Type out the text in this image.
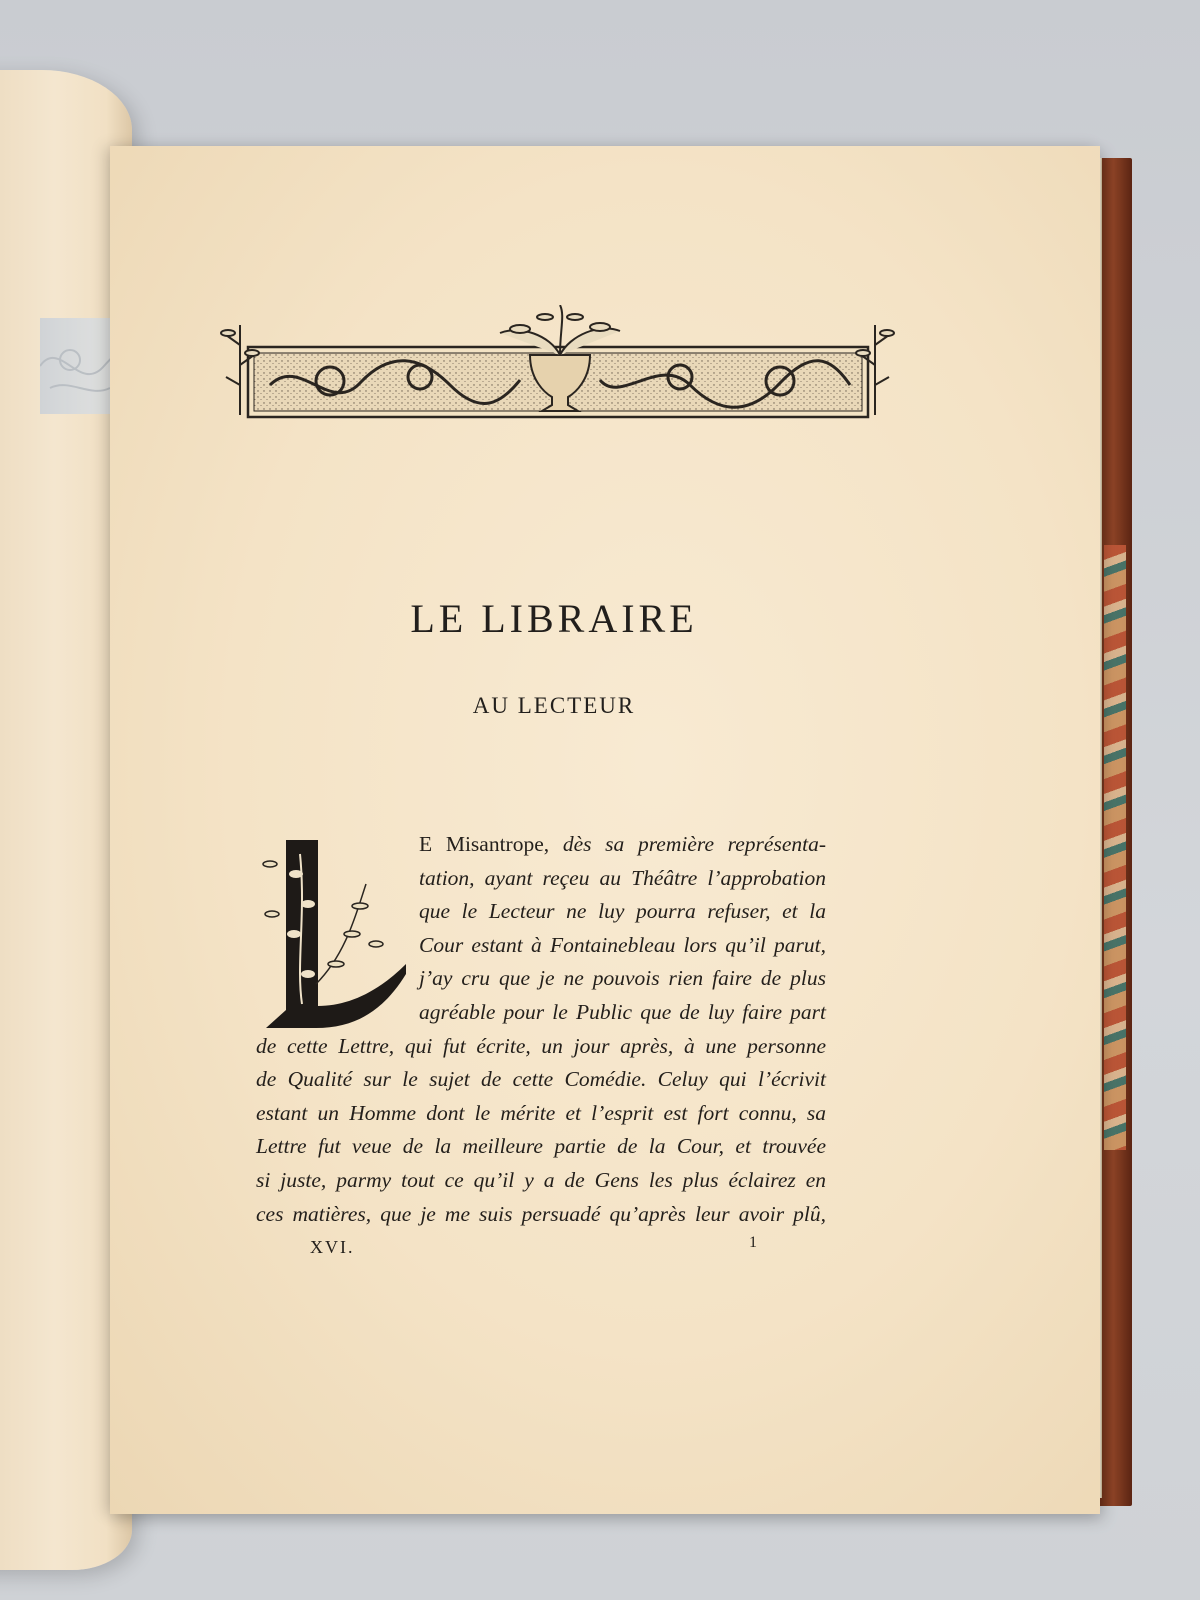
LE LIBRAIRE
AU LECTEUR
E Misantrope, dès sa première représenta-
tation, ayant reçeu au Théâtre l’approbation
que le Lecteur ne luy pourra refuser, et la
Cour estant à Fontainebleau lors qu’il parut,
j’ay cru que je ne pouvois rien faire de plus
agréable pour le Public que de luy faire part
de cette Lettre, qui fut écrite, un jour après, à une personne
de Qualité sur le sujet de cette Comédie. Celuy qui l’écrivit
estant un Homme dont le mérite et l’esprit est fort connu, sa
Lettre fut veue de la meilleure partie de la Cour, et trouvée
si juste, parmy tout ce qu’il y a de Gens les plus éclairez en
ces matières, que je me suis persuadé qu’après leur avoir plû,
XVI.	1
